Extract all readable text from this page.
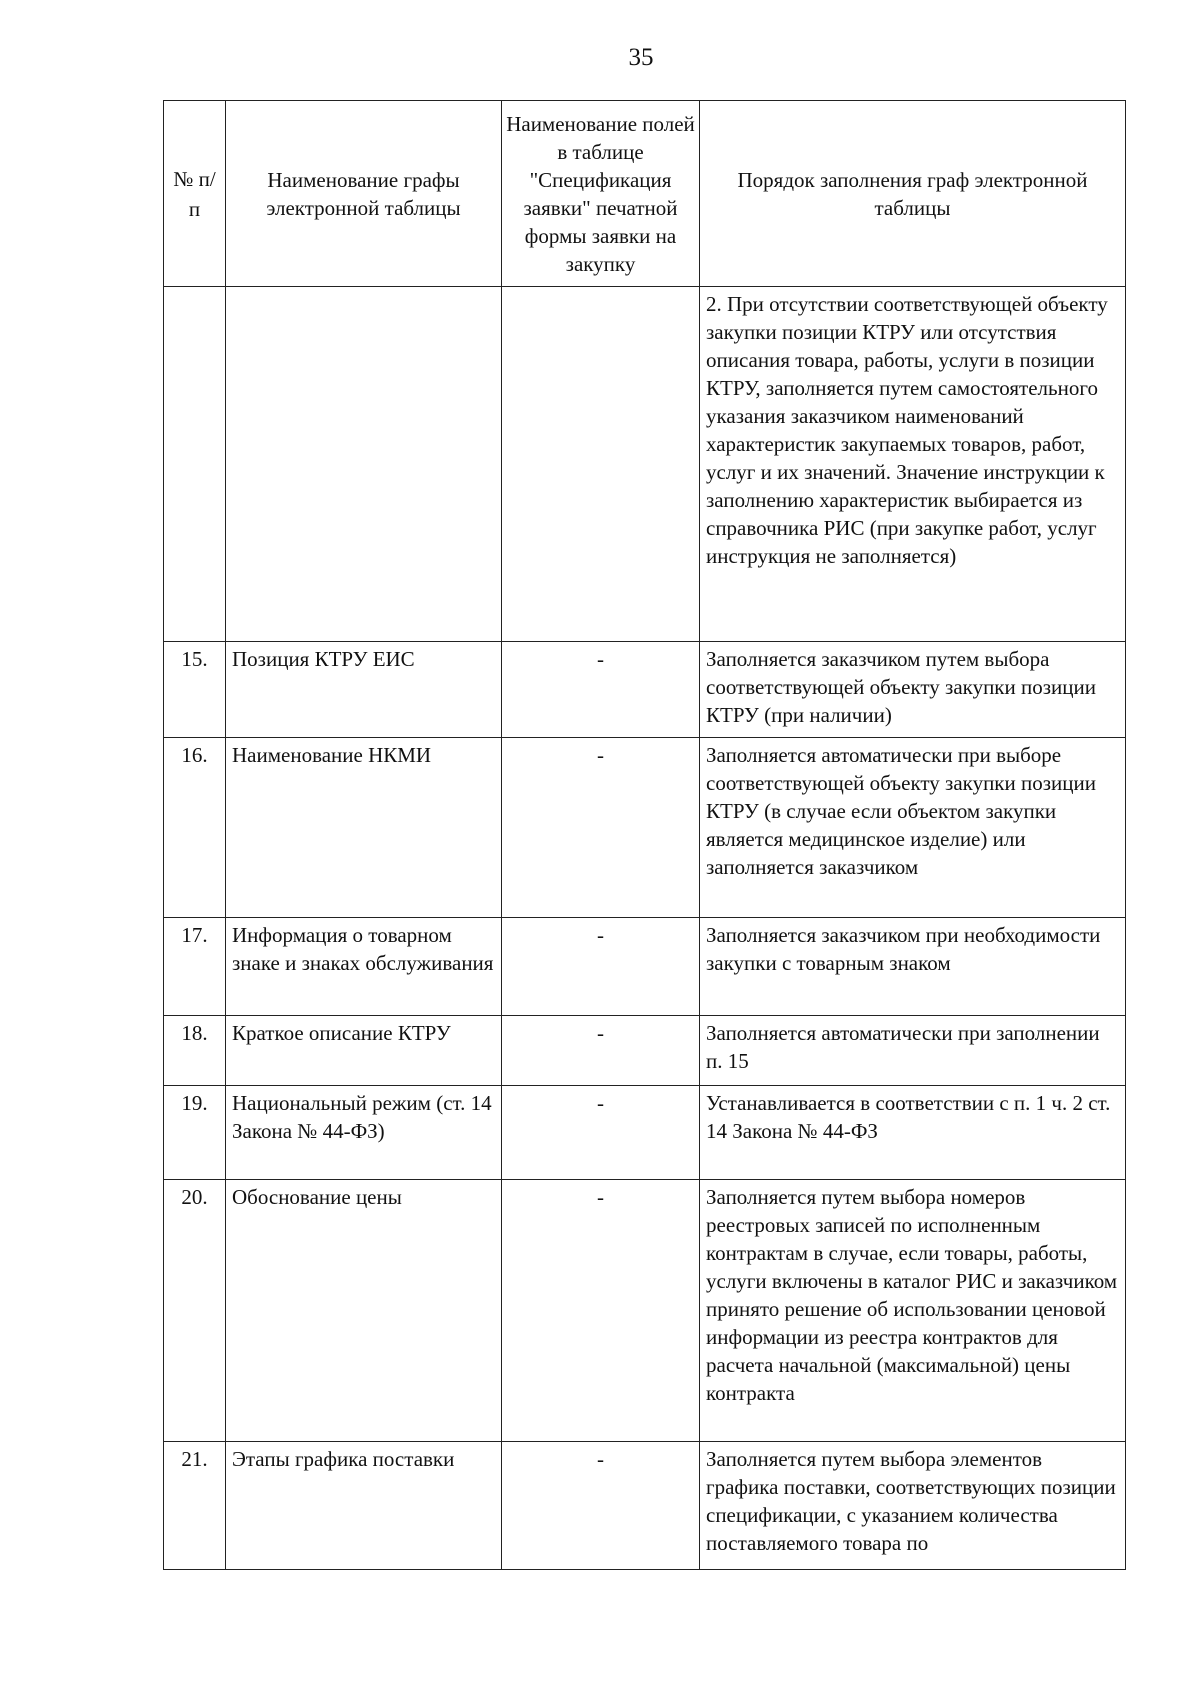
35
№ п/п	Наименование графы электронной таблицы	Наименование полей в таблице "Спецификация заявки" печатной формы заявки на закупку	Порядок заполнения граф электронной таблицы
			2. При отсутствии соответствующей объекту закупки позиции КТРУ или отсутствия описания товара, работы, услуги в позиции КТРУ, заполняется путем самостоятельного указания заказчиком наименований характеристик закупаемых товаров, работ, услуг и их значений. Значение инструкции к заполнению характеристик выбирается из справочника РИС (при закупке работ, услуг инструкция не заполняется)
15.	Позиция КТРУ ЕИС	-	Заполняется заказчиком путем выбора соответствующей объекту закупки позиции КТРУ (при наличии)
16.	Наименование НКМИ	-	Заполняется автоматически при выборе соответствующей объекту закупки позиции КТРУ (в случае если объектом закупки является медицинское изделие) или заполняется заказчиком
17.	Информация о товарном знаке и знаках обслуживания	-	Заполняется заказчиком при необходимости закупки с товарным знаком
18.	Краткое описание КТРУ	-	Заполняется автоматически при заполнении п. 15
19.	Национальный режим (ст. 14 Закона № 44-ФЗ)	-	Устанавливается в соответствии с п. 1 ч. 2 ст. 14 Закона № 44-ФЗ
20.	Обоснование цены	-	Заполняется путем выбора номеров реестровых записей по исполненным контрактам в случае, если товары, работы, услуги включены в каталог РИС и заказчиком принято решение об использовании ценовой информации из реестра контрактов для расчета начальной (максимальной) цены контракта
21.	Этапы графика поставки	-	Заполняется путем выбора элементов графика поставки, соответствующих позиции спецификации, с указанием количества поставляемого товара по
